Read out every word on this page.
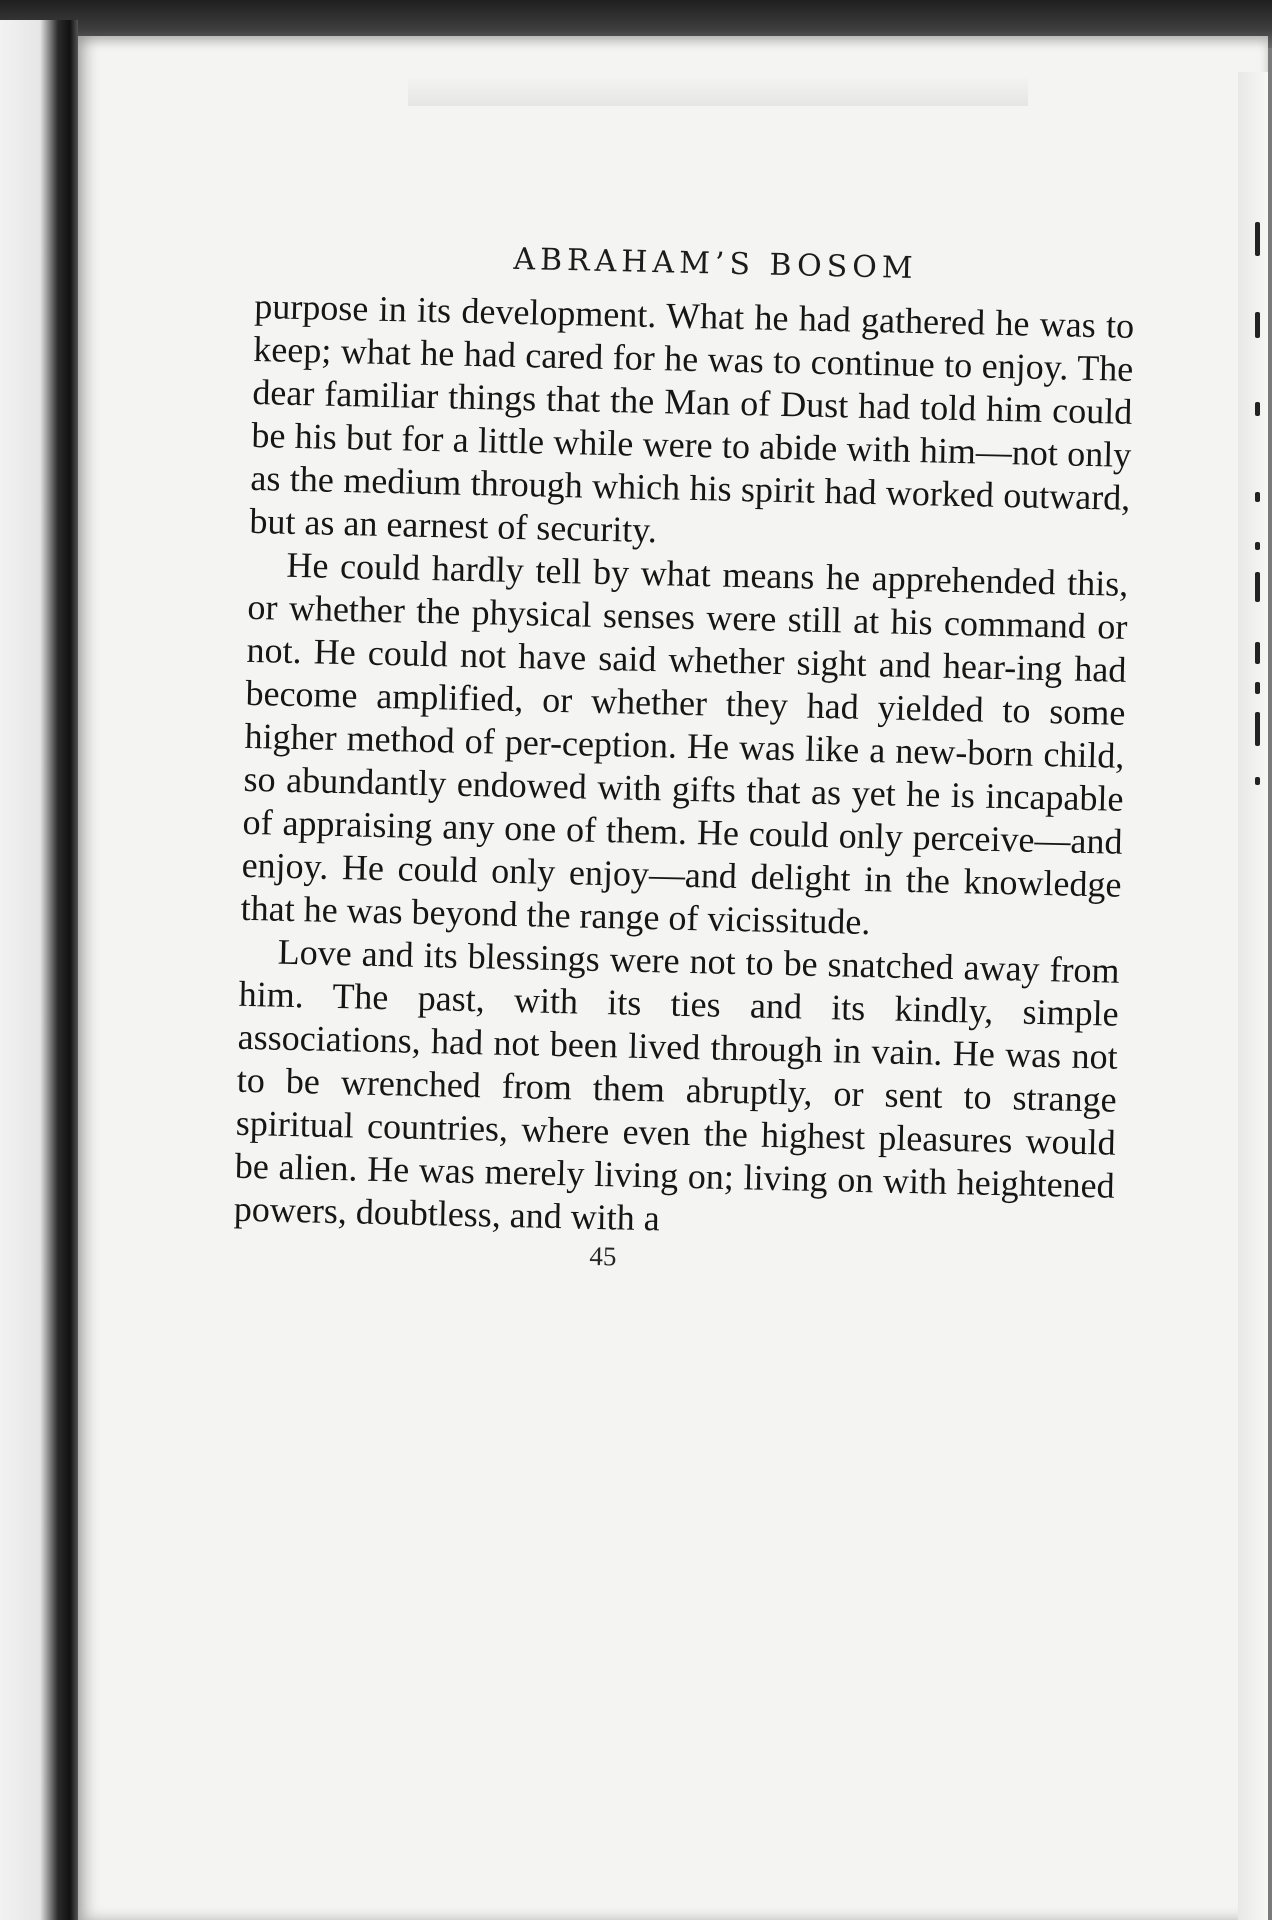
ABRAHAM’S BOSOM

purpose in its development. What he had gathered he was to keep; what he had cared for he was to continue to enjoy. The dear familiar things that the Man of Dust had told him could be his but for a little while were to abide with him—not only as the medium through which his spirit had worked outward, but as an earnest of security.

He could hardly tell by what means he apprehended this, or whether the physical senses were still at his command or not. He could not have said whether sight and hear-ing had become amplified, or whether they had yielded to some higher method of per-ception. He was like a new-born child, so abundantly endowed with gifts that as yet he is incapable of appraising any one of them. He could only perceive—and enjoy. He could only enjoy—and delight in the knowledge that he was beyond the range of vicissitude.

Love and its blessings were not to be snatched away from him. The past, with its ties and its kindly, simple associations, had not been lived through in vain. He was not to be wrenched from them abruptly, or sent to strange spiritual countries, where even the highest pleasures would be alien. He was merely living on; living on with heightened powers, doubtless, and with a

45
